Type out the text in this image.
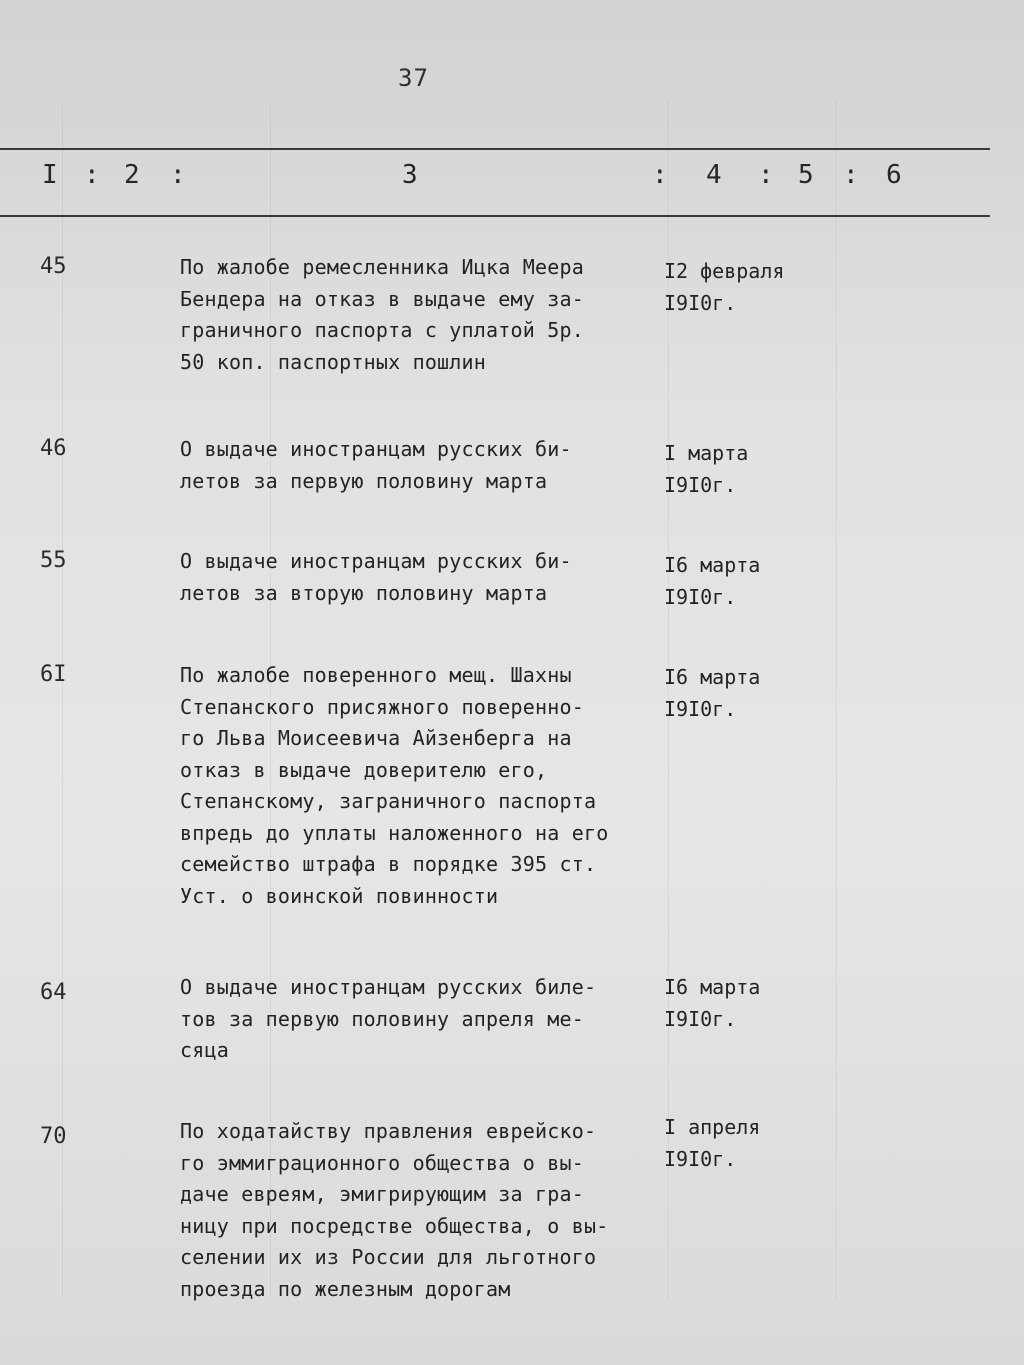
37
I : 2 :	3	: 4 : 5 : 6
45	По жалобе ремесленника Ицка Меера
Бендера на отказ в выдаче ему за-
граничного паспорта с уплатой 5р.
50 коп. паспортных пошлин
I2 февраля
I9I0г.
46	О выдаче иностранцам русских би-
летов за первую половину марта
I марта
I9I0г.
55	О выдаче иностранцам русских би-
летов за вторую половину марта
I6 марта
I9I0г.
6I	По жалобе поверенного мещ. Шахны
Степанского присяжного поверенно-
го Льва Моисеевича Айзенберга на
отказ в выдаче доверителю его,
Степанскому, заграничного паспорта
впредь до уплаты наложенного на его
семейство штрафа в порядке 395 ст.
Уст. о воинской повинности
I6 марта
I9I0г.
64	О выдаче иностранцам русских биле-
тов за первую половину апреля ме-
сяца
I6 марта
I9I0г.
70	По ходатайству правления еврейско-
го эммиграционного общества о вы-
даче евреям, эмигрирующим за гра-
ницу при посредстве общества, о вы-
селении их из России для льготного
проезда по железным дорогам
I апреля
I9I0г.
